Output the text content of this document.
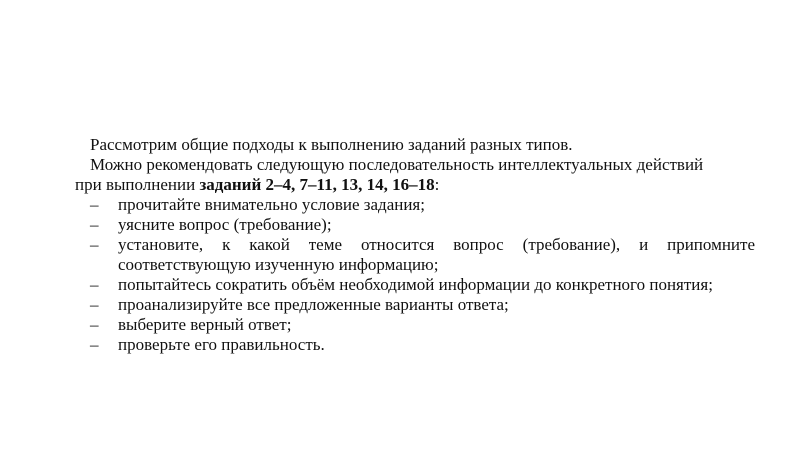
Рассмотрим общие подходы к выполнению заданий разных типов.

Можно рекомендовать следующую последовательность интеллектуальных действий

при выполнении заданий 2–4, 7–11, 13, 14, 16–18:

– прочитайте внимательно условие задания;
– уясните вопрос (требование);
– установите, к какой теме относится вопрос (требование), и припомните соответствующую изученную информацию;
– попытайтесь сократить объём необходимой информации до конкретного понятия;
– проанализируйте все предложенные варианты ответа;
– выберите верный ответ;
– проверьте его правильность.
